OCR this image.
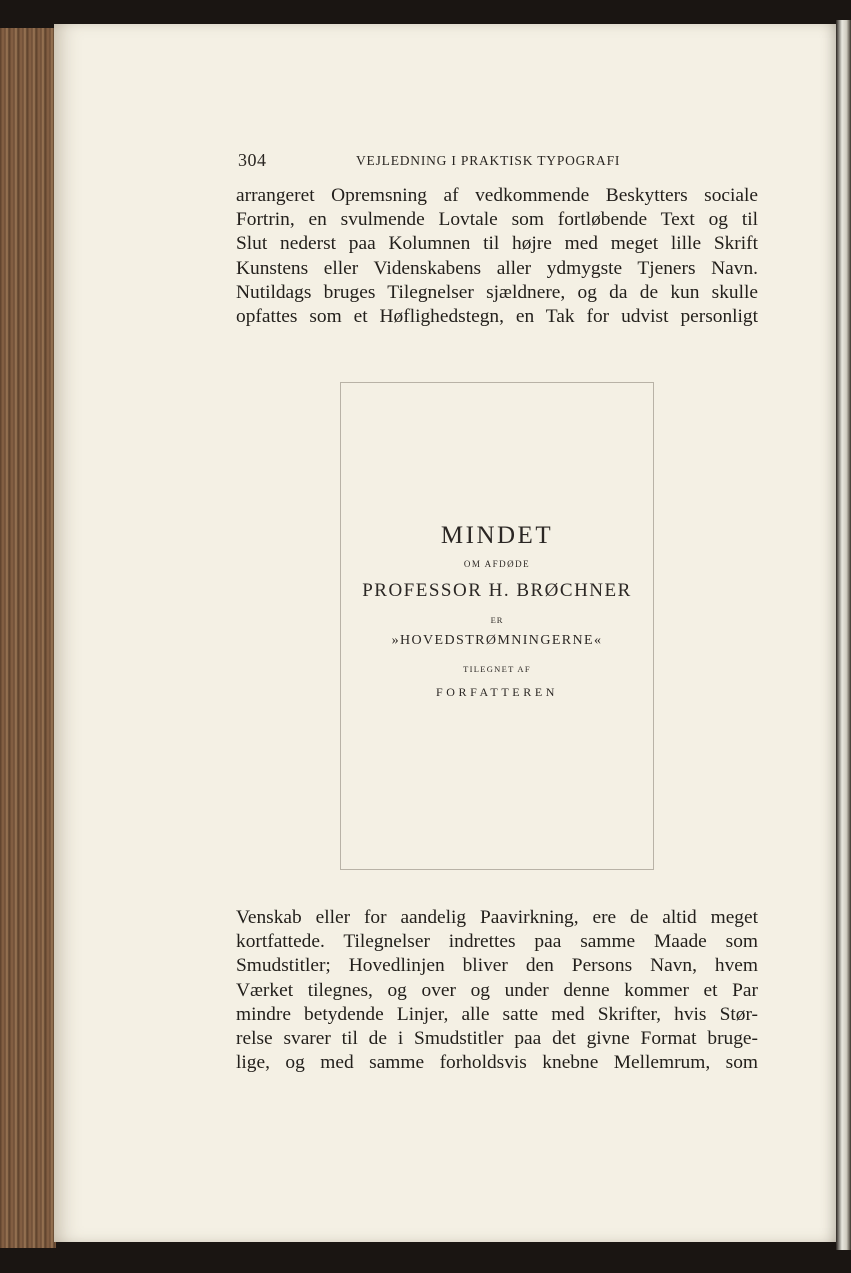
304	VEJLEDNING I PRAKTISK TYPOGRAFI
arrangeret Opremsning af vedkommende Beskytters sociale
Fortrin, en svulmende Lovtale som fortløbende Text og til
Slut nederst paa Kolumnen til højre med meget lille Skrift
Kunstens eller Videnskabens aller ydmygste Tjeners Navn.
Nutildags bruges Tilegnelser sjældnere, og da de kun skulle
opfattes som et Høflighedstegn, en Tak for udvist personligt
MINDET
OM AFDØDE
PROFESSOR H. BRØCHNER
ER
»HOVEDSTRØMNINGERNE«
TILEGNET AF
FORFATTEREN
Venskab eller for aandelig Paavirkning, ere de altid meget
kortfattede. Tilegnelser indrettes paa samme Maade som
Smudstitler; Hovedlinjen bliver den Persons Navn, hvem
Værket tilegnes, og over og under denne kommer et Par
mindre betydende Linjer, alle satte med Skrifter, hvis Stør-
relse svarer til de i Smudstitler paa det givne Format bruge-
lige, og med samme forholdsvis knebne Mellemrum, som
